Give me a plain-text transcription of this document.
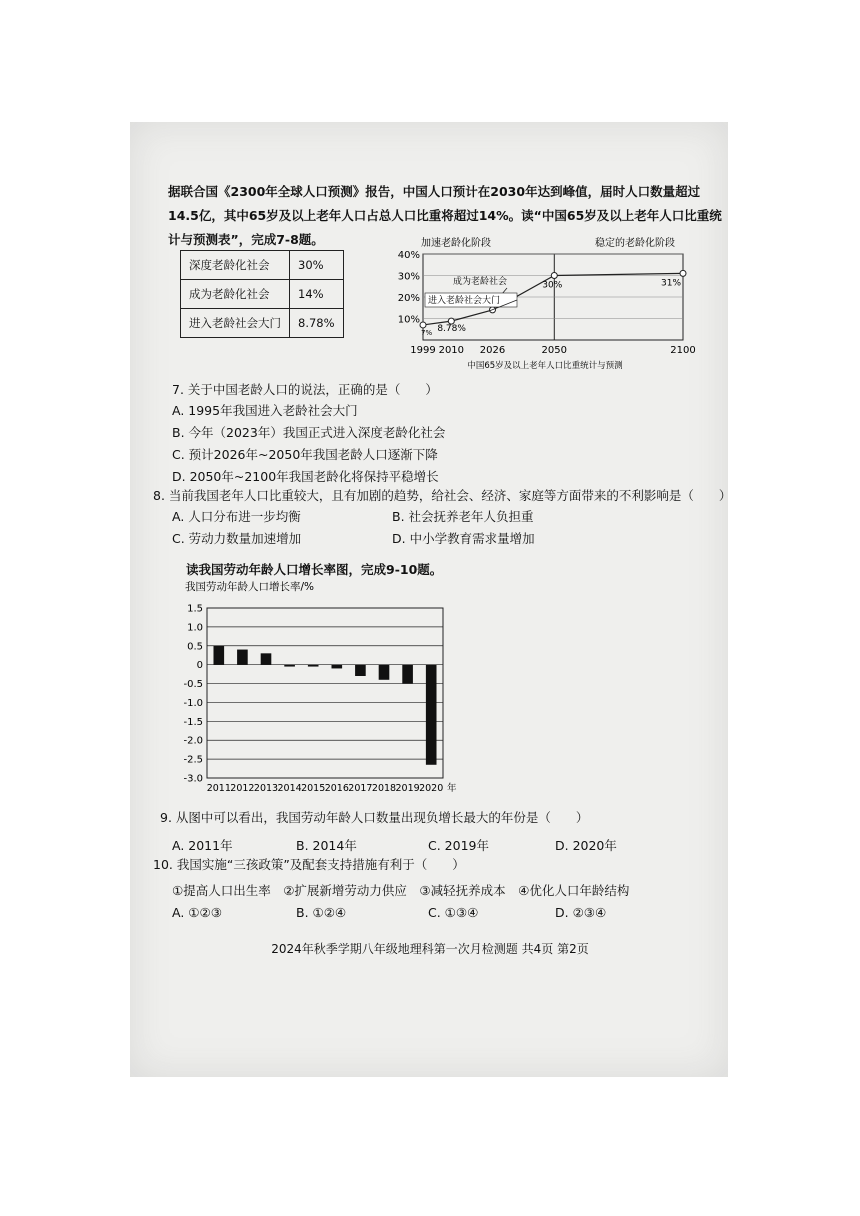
据联合国《2300年全球人口预测》报告，中国人口预计在2030年达到峰值，届时人口数量超过
14.5亿，其中65岁及以上老年人口占总人口比重将超过14%。读“中国65岁及以上老年人口比重统
计与预测表”，完成7-8题。
深度老龄化社会	30%
成为老龄化社会	14%
进入老龄社会大门	8.78%
40%
30%
20%
10%
1999 2010 2026	2050	2100
中国65岁及以上老年人口比重统计与预测
7% 8.78%
30%	31%
加速老龄化阶段	稳定的老龄化阶段
成为老龄社会
进入老龄社会大门
7. 关于中国老龄人口的说法，正确的是（　　）
A. 1995年我国进入老龄社会大门
B. 今年（2023年）我国正式进入深度老龄化社会
C. 预计2026年~2050年我国老龄人口逐渐下降
D. 2050年~2100年我国老龄化将保持平稳增长
8. 当前我国老年人口比重较大，且有加剧的趋势，给社会、经济、家庭等方面带来的不利影响是（　　）
A. 人口分布进一步均衡	B. 社会抚养老年人负担重
C. 劳动力数量加速增加	D. 中小学教育需求量增加
读我国劳动年龄人口增长率图，完成9-10题。
我国劳动年龄人口增长率/%
1.5
1.0
0.5
0
-0.5
-1.0
-1.5
-2.0
-2.5
-3.0
2011 2012 2013 2014 2015 2016 2017 2018 2019 2020 年
9. 从图中可以看出，我国劳动年龄人口数量出现负增长最大的年份是（　　）
A. 2011年	B. 2014年	C. 2019年	D. 2020年
10. 我国实施“三孩政策”及配套支持措施有利于（　　）
①提高人口出生率　②扩展新增劳动力供应　③减轻抚养成本　④优化人口年龄结构
A. ①②③	B. ①②④	C. ①③④	D. ②③④
2024年秋季学期八年级地理科第一次月检测题 共4页 第2页
